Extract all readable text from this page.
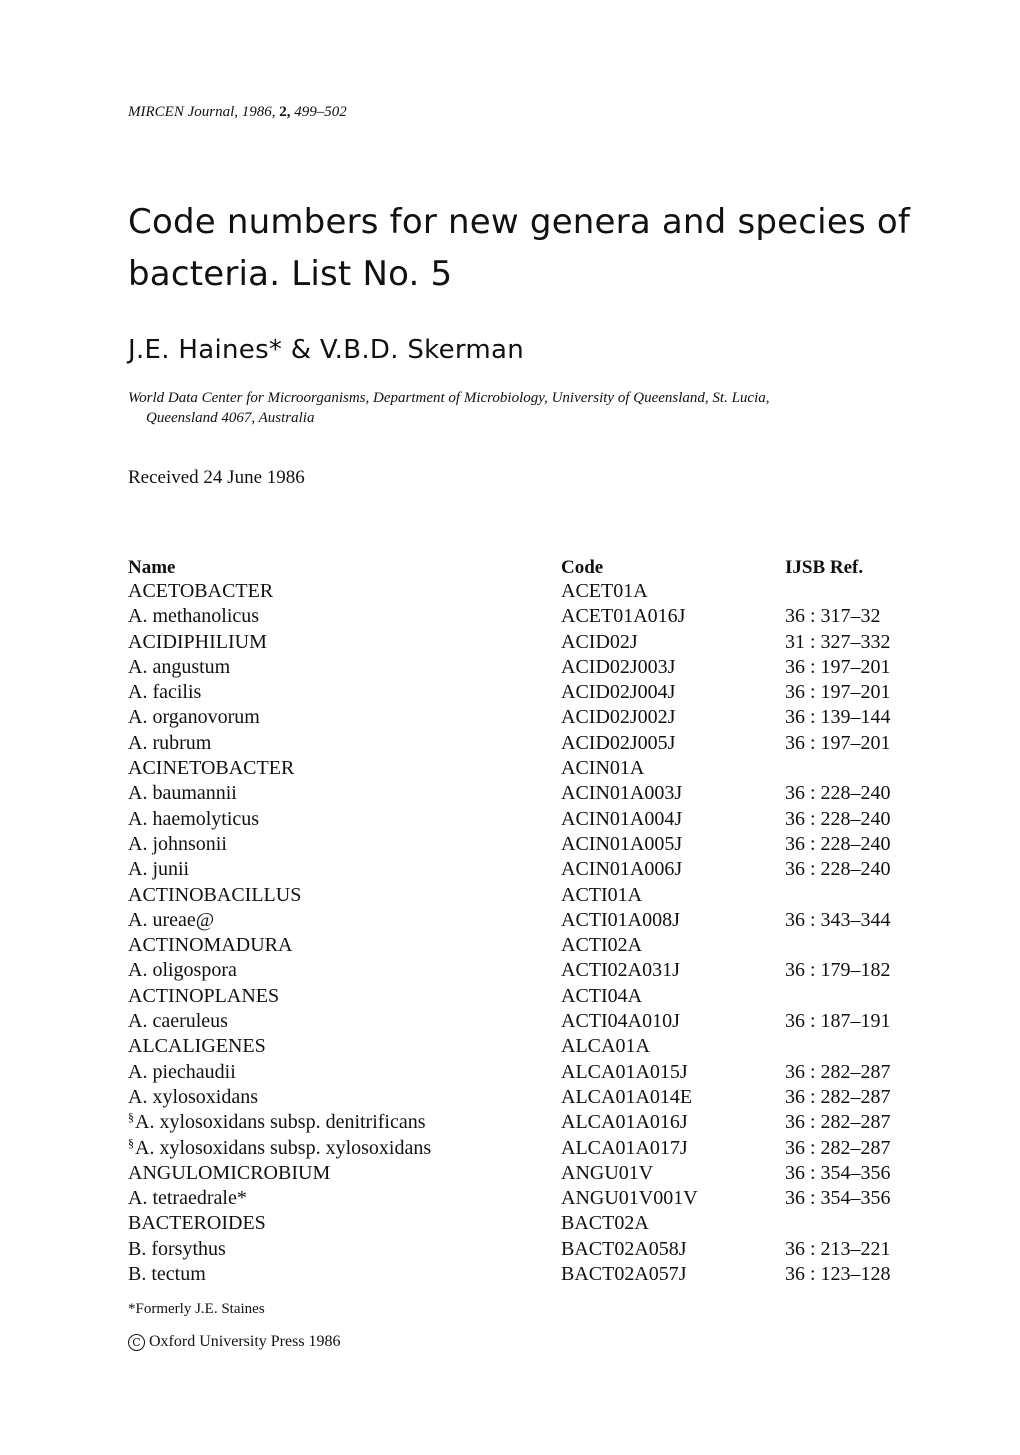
MIRCEN Journal, 1986, 2, 499–502
Code numbers for new genera and species of bacteria. List No. 5
J.E. Haines* & V.B.D. Skerman
World Data Center for Microorganisms, Department of Microbiology, University of Queensland, St. Lucia,
Queensland 4067, Australia
Received 24 June 1986
Name	Code	IJSB Ref.
ACETOBACTER	ACET01A	
A. methanolicus	ACET01A016J	36 : 317–32
ACIDIPHILIUM	ACID02J	31 : 327–332
A. angustum	ACID02J003J	36 : 197–201
A. facilis	ACID02J004J	36 : 197–201
A. organovorum	ACID02J002J	36 : 139–144
A. rubrum	ACID02J005J	36 : 197–201
ACINETOBACTER	ACIN01A	
A. baumannii	ACIN01A003J	36 : 228–240
A. haemolyticus	ACIN01A004J	36 : 228–240
A. johnsonii	ACIN01A005J	36 : 228–240
A. junii	ACIN01A006J	36 : 228–240
ACTINOBACILLUS	ACTI01A	
A. ureae@	ACTI01A008J	36 : 343–344
ACTINOMADURA	ACTI02A	
A. oligospora	ACTI02A031J	36 : 179–182
ACTINOPLANES	ACTI04A	
A. caeruleus	ACTI04A010J	36 : 187–191
ALCALIGENES	ALCA01A	
A. piechaudii	ALCA01A015J	36 : 282–287
A. xylosoxidans	ALCA01A014E	36 : 282–287
§A. xylosoxidans subsp. denitrificans	ALCA01A016J	36 : 282–287
§A. xylosoxidans subsp. xylosoxidans	ALCA01A017J	36 : 282–287
ANGULOMICROBIUM	ANGU01V	36 : 354–356
A. tetraedrale*	ANGU01V001V	36 : 354–356
BACTEROIDES	BACT02A	
B. forsythus	BACT02A058J	36 : 213–221
B. tectum	BACT02A057J	36 : 123–128
*Formerly J.E. Staines
C Oxford University Press 1986
